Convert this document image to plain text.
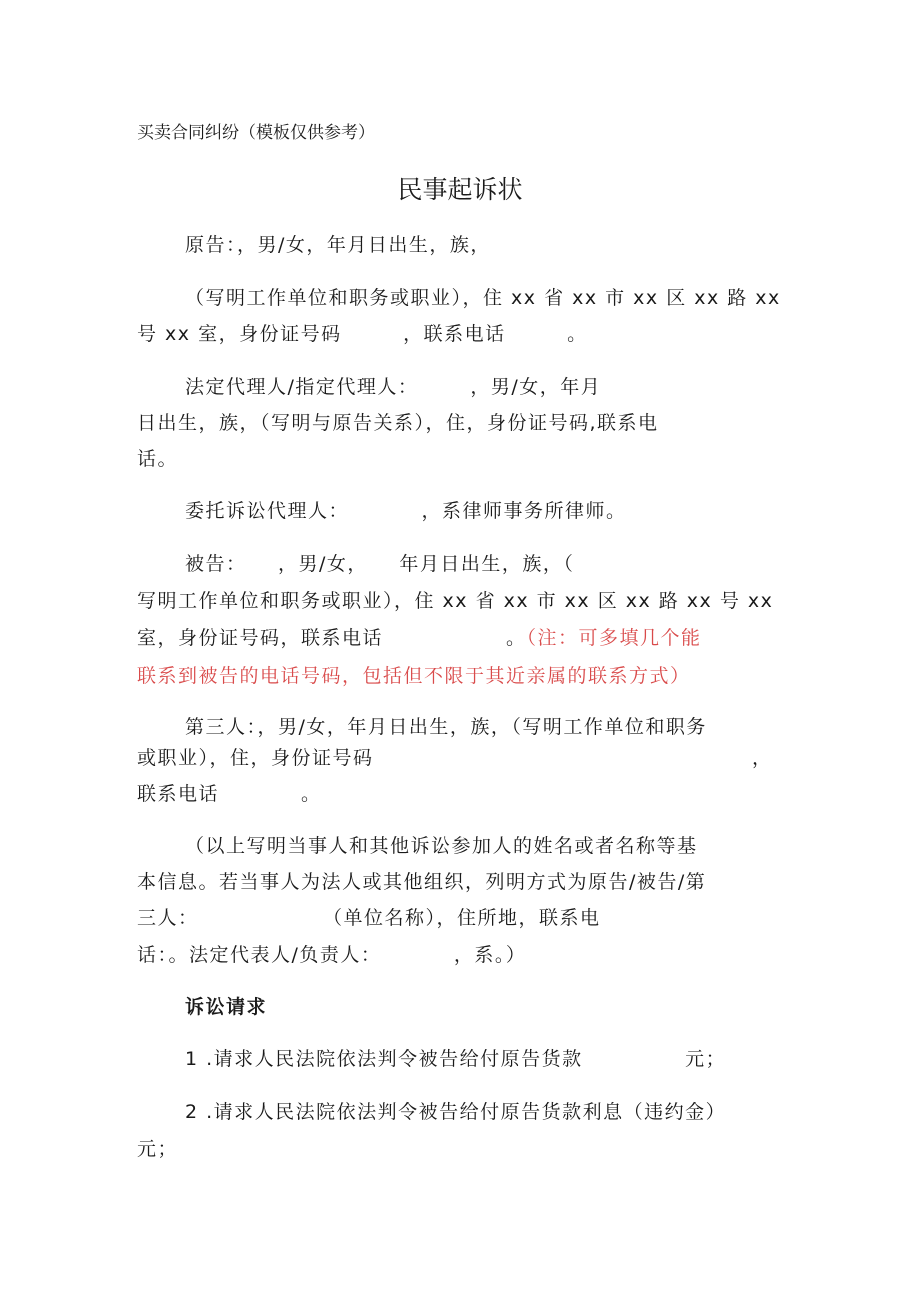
买卖合同纠纷（模板仅供参考）
民事起诉状
原告：，男/女，年月日出生，族，
（写明工作单位和职务或职业），住 xx 省 xx 市 xx 区 xx 路 xx
号 xx 室，身份证号码　　　，联系电话　　　。
法定代理人/指定代理人：　　　，男/女，年月
日出生，族，（写明与原告关系），住，身份证号码,联系电
话。
委托诉讼代理人：　　　　，系律师事务所律师。
被告：　　，男/女，　　年月日出生，族，（
写明工作单位和职务或职业），住 xx 省 xx 市 xx 区 xx 路 xx 号 xx
室，身份证号码，联系电话　　　　　　。（注：可多填几个能
联系到被告的电话号码，包括但不限于其近亲属的联系方式）
第三人：，男/女，年月日出生，族，（写明工作单位和职务
或职业），住，身份证号码	，
联系电话　　　　。
（以上写明当事人和其他诉讼参加人的姓名或者名称等基
本信息。若当事人为法人或其他组织，列明方式为原告/被告/第
三人：　　　　　　　（单位名称），住所地，联系电
话：。法定代表人/负责人：　　　　，系。）
诉讼请求
1 .请求人民法院依法判令被告给付原告货款　　　　　元；
2 .请求人民法院依法判令被告给付原告货款利息（违约金）
元；
